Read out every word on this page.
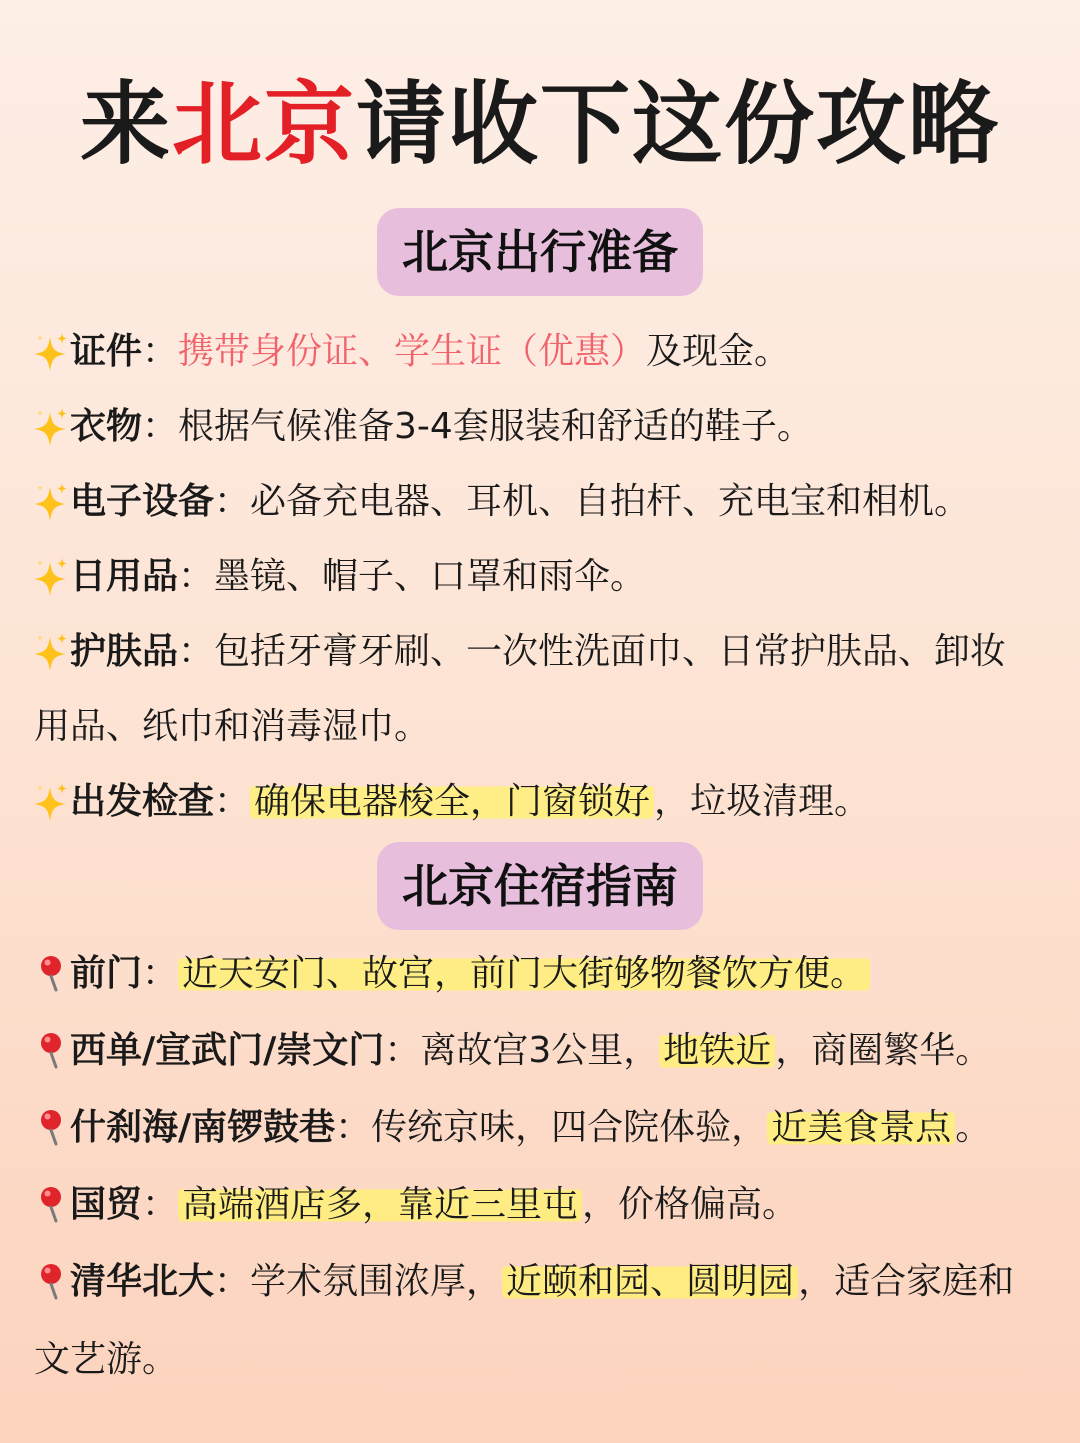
来北京请收下这份攻略
北京出行准备
证件：携带身份证、学生证（优惠）及现金。
衣物：根据气候准备3-4套服装和舒适的鞋子。
电子设备：必备充电器、耳机、自拍杆、充电宝和相机。
日用品：墨镜、帽子、口罩和雨伞。
护肤品：包括牙膏牙刷、一次性洗面巾、日常护肤品、卸妆
用品、纸巾和消毒湿巾。
出发检查： 确保电器梭全，门窗锁好 ，垃圾清理。
北京住宿指南
前门： 近天安门、故宫，前门大街够物餐饮方便。
西单/宣武门/崇文门：离故宫3公里， 地铁近 ，商圈繁华。
什刹海/南锣鼓巷：传统京味，四合院体验， 近美食景点 。
国贸： 高端酒店多，靠近三里屯 ，价格偏高。
清华北大：学术氛围浓厚， 近颐和园、圆明园 ，适合家庭和
文艺游。
